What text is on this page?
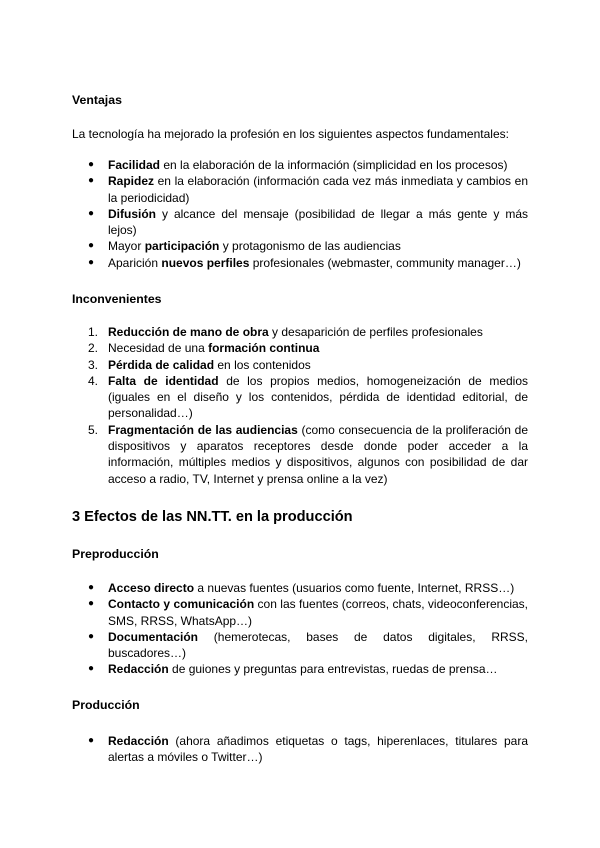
Ventajas
La tecnología ha mejorado la profesión en los siguientes aspectos fundamentales:
● Facilidad en la elaboración de la información (simplicidad en los procesos)
● Rapidez en la elaboración (información cada vez más inmediata y cambios en la periodicidad)
● Difusión y alcance del mensaje (posibilidad de llegar a más gente y más lejos)
● Mayor participación y protagonismo de las audiencias
● Aparición nuevos perfiles profesionales (webmaster, community manager…)
Inconvenientes
1. Reducción de mano de obra y desaparición de perfiles profesionales
2. Necesidad de una formación continua
3. Pérdida de calidad en los contenidos
4. Falta de identidad de los propios medios, homogeneización de medios (iguales en el diseño y los contenidos, pérdida de identidad editorial, de personalidad…)
5. Fragmentación de las audiencias (como consecuencia de la proliferación de dispositivos y aparatos receptores desde donde poder acceder a la información, múltiples medios y dispositivos, algunos con posibilidad de dar acceso a radio, TV, Internet y prensa online a la vez)
3 Efectos de las NN.TT. en la producción
Preproducción
● Acceso directo a nuevas fuentes (usuarios como fuente, Internet, RRSS…)
● Contacto y comunicación con las fuentes (correos, chats, videoconferencias, SMS, RRSS, WhatsApp…)
● Documentación (hemerotecas, bases de datos digitales, RRSS, buscadores…)
● Redacción de guiones y preguntas para entrevistas, ruedas de prensa…
Producción
● Redacción (ahora añadimos etiquetas o tags, hiperenlaces, titulares para alertas a móviles o Twitter…)
